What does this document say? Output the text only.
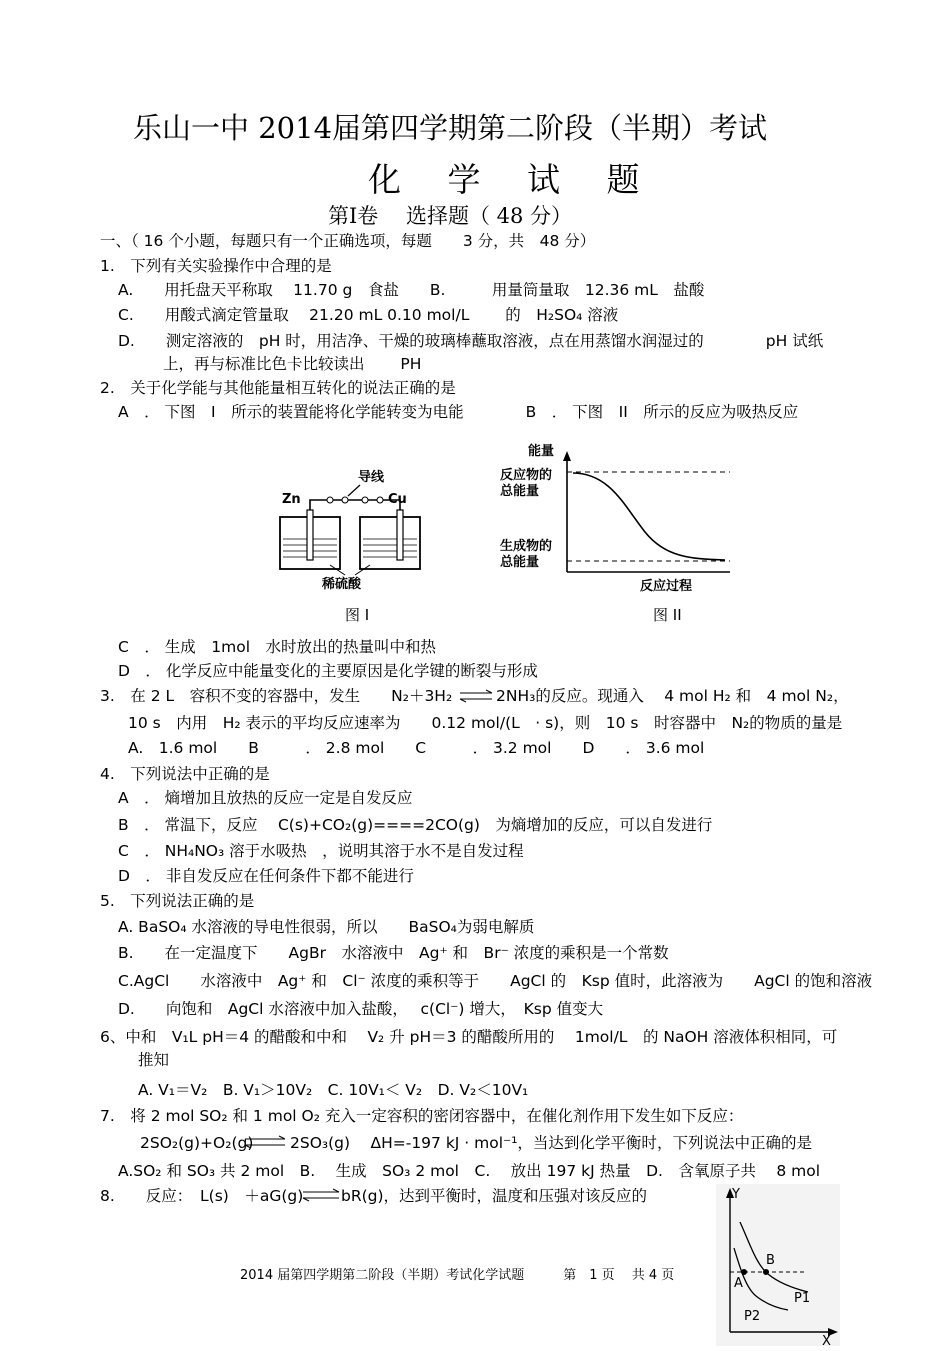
乐山一中 2014届第四学期第二阶段（半期）考试
化 学 试 题
第Ⅰ卷　 选择题（ 48 分）
一、（ 16 个小题，每题只有一个正确选项，每题　　3 分，共　48 分）
1.　下列有关实验操作中合理的是
A.　　用托盘天平称取　 11.70 g　食盐　　B.　　　用量筒量取　12.36 mL　盐酸
C.　　用酸式滴定管量取　 21.20 mL 0.10 mol/L　　 的　H₂SO₄ 溶液
D.　　测定溶液的　pH 时，用洁净、干燥的玻璃棒蘸取溶液，点在用蒸馏水润湿过的　　　　pH 试纸
上，再与标准比色卡比较读出　　 PH
2.　关于化学能与其他能量相互转化的说法正确的是
A　． 下图　I　所示的装置能将化学能转变为电能　　　　B　． 下图　II　所示的反应为吸热反应
导线
Zn	Cu
稀硫酸
图 I
能量
反应物的
总能量
生成物的
总能量
反应过程
图 II
C　． 生成　1mol　水时放出的热量叫中和热
D　． 化学反应中能量变化的主要原因是化学键的断裂与形成
3.　在 2 L　容积不变的容器中，发生　　N₂＋3H₂ ⇌ 2NH₃的反应。现通入　 4 mol H₂ 和　4 mol N₂，
10 s　内用　H₂ 表示的平均反应速率为　　0.12 mol/(L　· s)，则　10 s　时容器中　N₂的物质的量是
A.　1.6 mol　　B　　　． 2.8 mol　　C　　　． 3.2 mol　　D　　． 3.6 mol
4.　下列说法中正确的是
A　． 熵增加且放热的反应一定是自发反应
B　． 常温下，反应　 C(s)+CO₂(g)====2CO(g)　为熵增加的反应，可以自发进行
C　． NH₄NO₃ 溶于水吸热　，说明其溶于水不是自发过程
D　． 非自发反应在任何条件下都不能进行
5.　下列说法正确的是
A. BaSO₄ 水溶液的导电性很弱，所以　　BaSO₄为弱电解质
B.　　在一定温度下　　AgBr　水溶液中　Ag⁺ 和　Br⁻ 浓度的乘积是一个常数
C.AgCl　　水溶液中　Ag⁺ 和　Cl⁻ 浓度的乘积等于　　AgCl 的　Ksp 值时，此溶液为　　AgCl 的饱和溶液
D.　　向饱和　AgCl 水溶液中加入盐酸，　 c(Cl⁻) 增大，　Ksp 值变大
6、中和　V₁L pH＝4 的醋酸和中和　 V₂ 升 pH＝3 的醋酸所用的　 1mol/L　的 NaOH 溶液体积相同，可
推知
A. V₁＝V₂　B. V₁＞10V₂　C. 10V₁＜ V₂　D. V₂＜10V₁
7.　将 2 mol SO₂ 和 1 mol O₂ 充入一定容积的密闭容器中，在催化剂作用下发生如下反应：
2SO₂(g)+O₂(g) ⇌ 2SO₃(g)　 ΔH=-197 kJ · mol⁻¹，当达到化学平衡时，下列说法中正确的是
A.SO₂ 和 SO₃ 共 2 mol　B.　 生成　SO₃ 2 mol　C.　 放出 197 kJ 热量　D.　含氧原子共　 8 mol
8.　　反应：　L(s)　＋aG(g) ⇌ bR(g)，达到平衡时，温度和压强对该反应的	Y
X
B
A
P1
P2
2014 届第四学期第二阶段（半期）考试化学试题　　　第　1 页　 共 4 页
